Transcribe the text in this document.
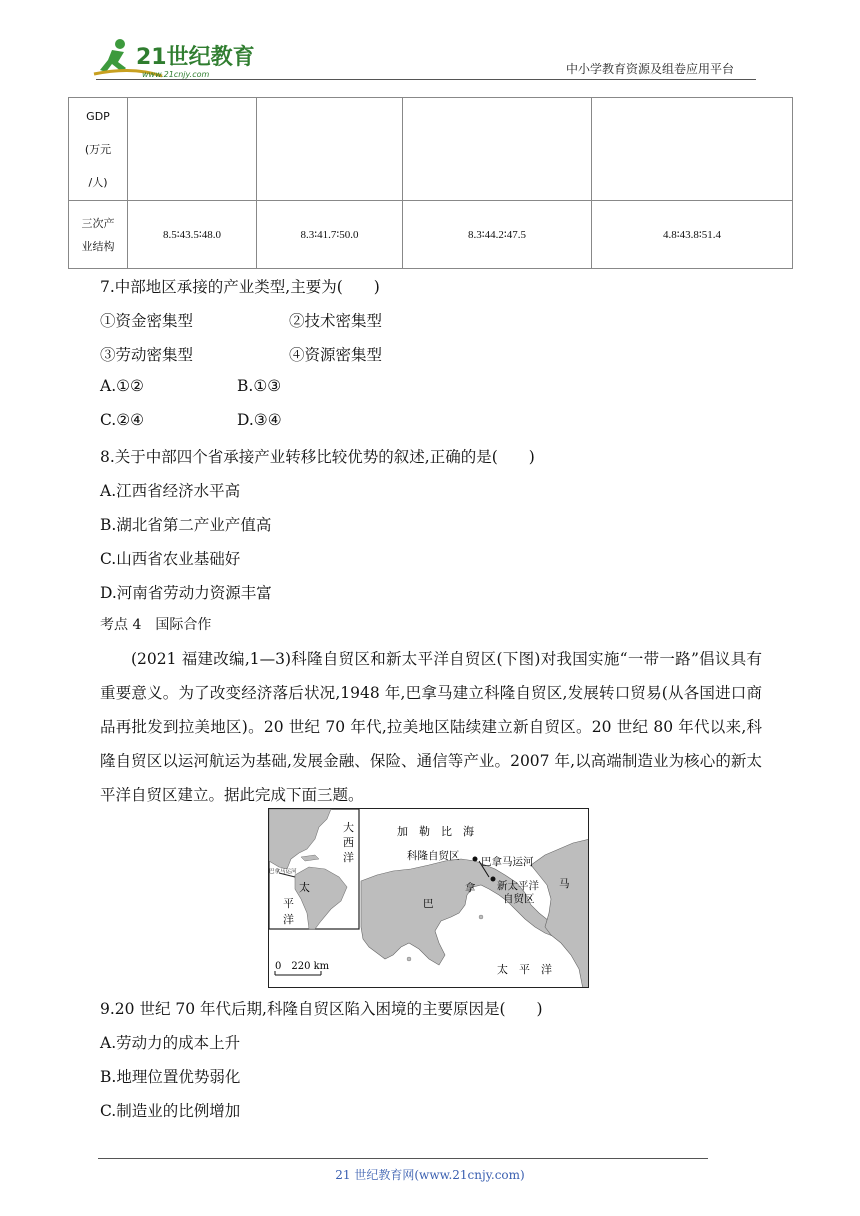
21世纪教育
www.21cnjy.com	中小学教育资源及组卷应用平台
GDP
(万元
/人)				

三次产
业结构	8.5∶43.5∶48.0	8.3∶41.7∶50.0	8.3∶44.2∶47.5	4.8∶43.8∶51.4
7.中部地区承接的产业类型,主要为(　　)
①资金密集型	②技术密集型
③劳动密集型	④资源密集型
A.①②	B.①③
C.②④	D.③④
8.关于中部四个省承接产业转移比较优势的叙述,正确的是(　　)
A.江西省经济水平高
B.湖北省第二产业产值高
C.山西省农业基础好
D.河南省劳动力资源丰富
考点 4　国际合作
(2021 福建改编,1—3)科隆自贸区和新太平洋自贸区(下图)对我国实施“一带一路”倡议具有重要意义。为了改变经济落后状况,1948 年,巴拿马建立科隆自贸区,发展转口贸易(从各国进口商品再批发到拉美地区)。20 世纪 70 年代,拉美地区陆续建立新自贸区。20 世纪 80 年代以来,科隆自贸区以运河航运为基础,发展金融、保险、通信等产业。2007 年,以高端制造业为核心的新太平洋自贸区建立。据此完成下面三题。
巴拿马运河
大
西
洋
太
平
洋
加　勒　比　海
科隆自贸区 巴拿马运河
新太平洋
自贸区
巴
拿	马
太　平　洋
0　220 km
9.20 世纪 70 年代后期,科隆自贸区陷入困境的主要原因是(　　)
A.劳动力的成本上升
B.地理位置优势弱化
C.制造业的比例增加
21 世纪教育网(www.21cnjy.com)
